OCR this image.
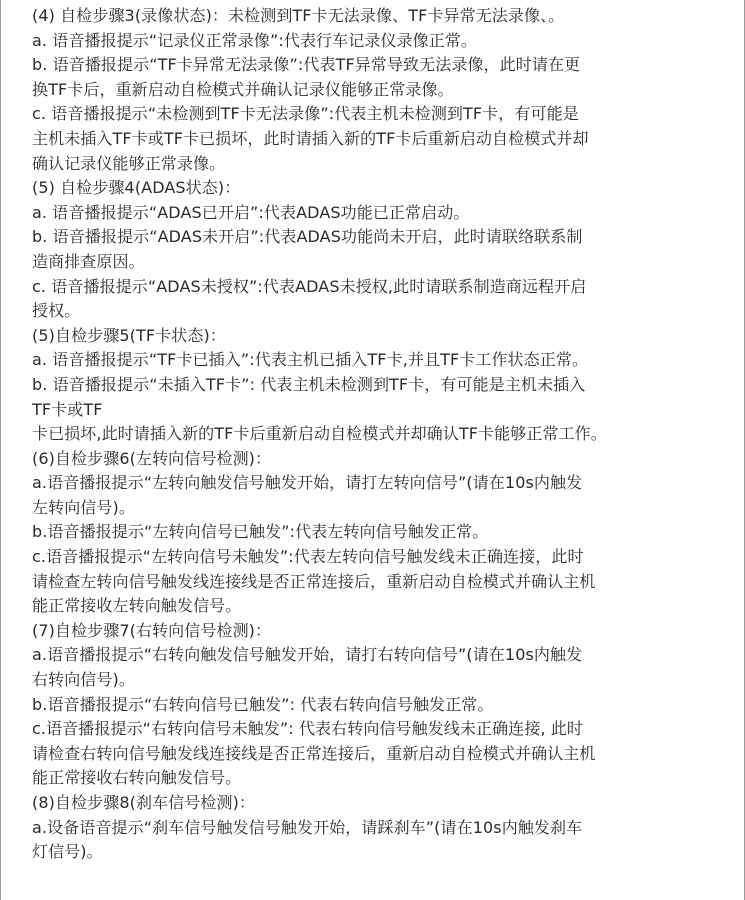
(4) 自检步骤3(录像状态)：未检测到TF卡无法录像、TF卡异常无法录像、。
a. 语音播报提示“记录仪正常录像”:代表行车记录仪录像正常。
b. 语音播报提示“TF卡异常无法录像”:代表TF异常导致无法录像，此时请在更
换TF卡后，重新启动自检模式并确认记录仪能够正常录像。
c. 语音播报提示“未检测到TF卡无法录像”:代表主机未检测到TF卡，有可能是
主机未插入TF卡或TF卡已损坏，此时请插入新的TF卡后重新启动自检模式并却
确认记录仪能够正常录像。
(5) 自检步骤4(ADAS状态)：
a. 语音播报提示“ADAS已开启”:代表ADAS功能已正常启动。
b. 语音播报提示“ADAS未开启”:代表ADAS功能尚未开启，此时请联络联系制
造商排查原因。
c. 语音播报提示“ADAS未授权”:代表ADAS未授权,此时请联系制造商远程开启
授权。
(5)自检步骤5(TF卡状态)：
a. 语音播报提示“TF卡已插入”:代表主机已插入TF卡,并且TF卡工作状态正常。
b. 语音播报提示“未插入TF卡”: 代表主机未检测到TF卡，有可能是主机未插入
TF卡或TF
卡已损坏,此时请插入新的TF卡后重新启动自检模式并却确认TF卡能够正常工作。
(6)自检步骤6(左转向信号检测)：
a.语音播报提示“左转向触发信号触发开始，请打左转向信号”(请在10s内触发
左转向信号)。
b.语音播报提示“左转向信号已触发”:代表左转向信号触发正常。
c.语音播报提示“左转向信号未触发”:代表左转向信号触发线未正确连接，此时
请检查左转向信号触发线连接线是否正常连接后，重新启动自检模式并确认主机
能正常接收左转向触发信号。
(7)自检步骤7(右转向信号检测)：
a.语音播报提示“右转向触发信号触发开始，请打右转向信号”(请在10s内触发
右转向信号)。
b.语音播报提示“右转向信号已触发”: 代表右转向信号触发正常。
c.语音播报提示“右转向信号未触发”: 代表右转向信号触发线未正确连接, 此时
请检查右转向信号触发线连接线是否正常连接后，重新启动自检模式并确认主机
能正常接收右转向触发信号。
(8)自检步骤8(刹车信号检测)：
a.设备语音提示“刹车信号触发信号触发开始，请踩刹车”(请在10s内触发刹车
灯信号)。
